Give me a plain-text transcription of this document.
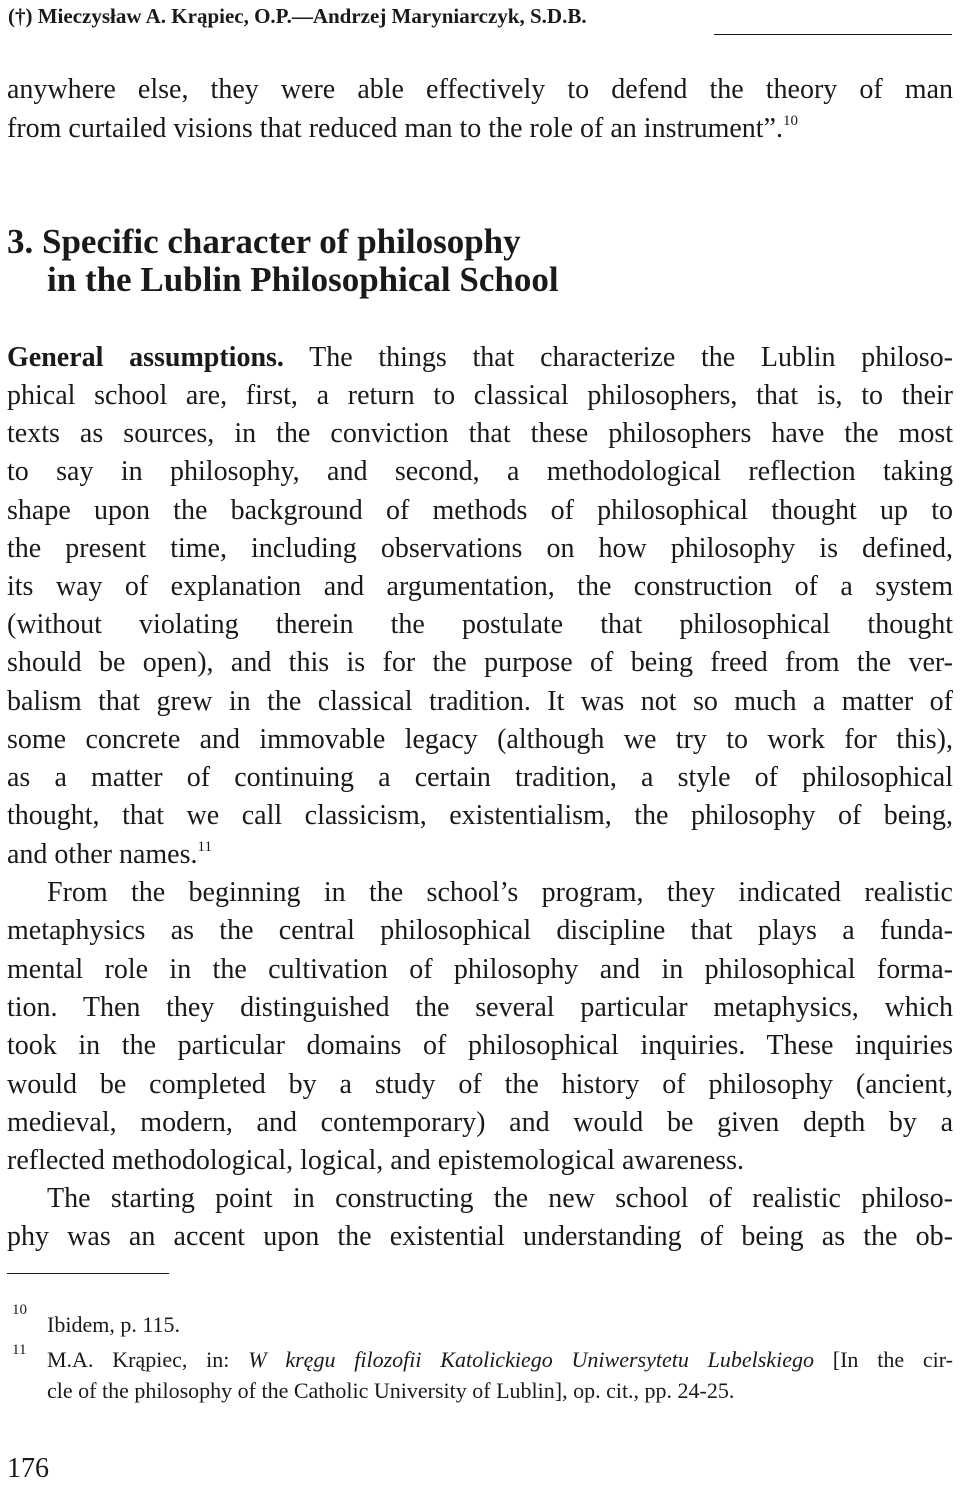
(†) Mieczysław A. Krąpiec, O.P.—Andrzej Maryniarczyk, S.D.B.
anywhere else, they were able effectively to defend the theory of man
from curtailed visions that reduced man to the role of an instrument”.$^{10}$
3. Specific character of philosophy
in the Lublin Philosophical School
General assumptions. The things that characterize the Lublin philoso-
phical school are, first, a return to classical philosophers, that is, to their
texts as sources, in the conviction that these philosophers have the most
to say in philosophy, and second, a methodological reflection taking
shape upon the background of methods of philosophical thought up to
the present time, including observations on how philosophy is defined,
its way of explanation and argumentation, the construction of a system
(without violating therein the postulate that philosophical thought
should be open), and this is for the purpose of being freed from the ver-
balism that grew in the classical tradition. It was not so much a matter of
some concrete and immovable legacy (although we try to work for this),
as a matter of continuing a certain tradition, a style of philosophical
thought, that we call classicism, existentialism, the philosophy of being,
and other names.$^{11}$
From the beginning in the school’s program, they indicated realistic
metaphysics as the central philosophical discipline that plays a funda-
mental role in the cultivation of philosophy and in philosophical forma-
tion. Then they distinguished the several particular metaphysics, which
took in the particular domains of philosophical inquiries. These inquiries
would be completed by a study of the history of philosophy (ancient,
medieval, modern, and contemporary) and would be given depth by a
reflected methodological, logical, and epistemological awareness.
The starting point in constructing the new school of realistic philoso-
phy was an accent upon the existential understanding of being as the ob-
10
Ibidem, p. 115.
11 M.A. Krąpiec, in: W kręgu filozofii Katolickiego Uniwersytetu Lubelskiego [In the cir-
cle of the philosophy of the Catholic University of Lublin], op. cit., pp. 24-25.
176
